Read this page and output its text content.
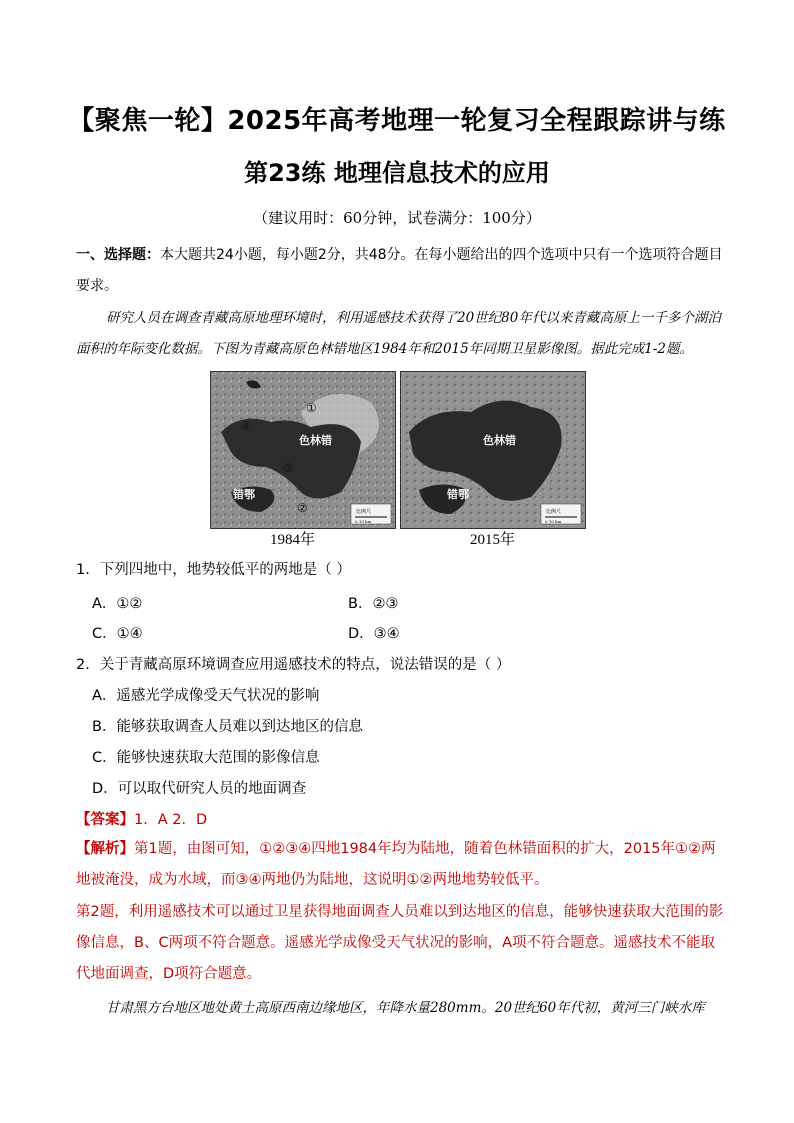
【聚焦一轮】2025年高考地理一轮复习全程跟踪讲与练
第23练 地理信息技术的应用
（建议用时：60分钟，试卷满分：100分）
一、选择题：本大题共24小题，每小题2分，共48分。在每小题给出的四个选项中只有一个选项符合题目要求。
研究人员在调查青藏高原地理环境时，利用遥感技术获得了20世纪80年代以来青藏高原上一千多个湖泊面积的年际变化数据。下图为青藏高原色林错地区1984年和2015年同期卫星影像图。据此完成1-2题。
色林错
错鄂
①
②
③
④
比例尺
0 10 km
色林错
错鄂
比例尺
0 10 km
1984年	2015年
1．下列四地中，地势较低平的两地是（ ）
A．①②	B．②③
C．①④	D．③④
2．关于青藏高原环境调查应用遥感技术的特点，说法错误的是（ ）
A．遥感光学成像受天气状况的影响
B．能够获取调查人员难以到达地区的信息
C．能够快速获取大范围的影像信息
D．可以取代研究人员的地面调查
【答案】1．A 2．D
【解析】第1题，由图可知，①②③④四地1984年均为陆地，随着色林错面积的扩大，2015年①②两地被淹没，成为水域，而③④两地仍为陆地，这说明①②两地地势较低平。
第2题，利用遥感技术可以通过卫星获得地面调查人员难以到达地区的信息，能够快速获取大范围的影像信息，B、C两项不符合题意。遥感光学成像受天气状况的影响，A项不符合题意。遥感技术不能取代地面调查，D项符合题意。
甘肃黑方台地区地处黄土高原西南边缘地区，年降水量280mm。20世纪60年代初，黄河三门峡水库
